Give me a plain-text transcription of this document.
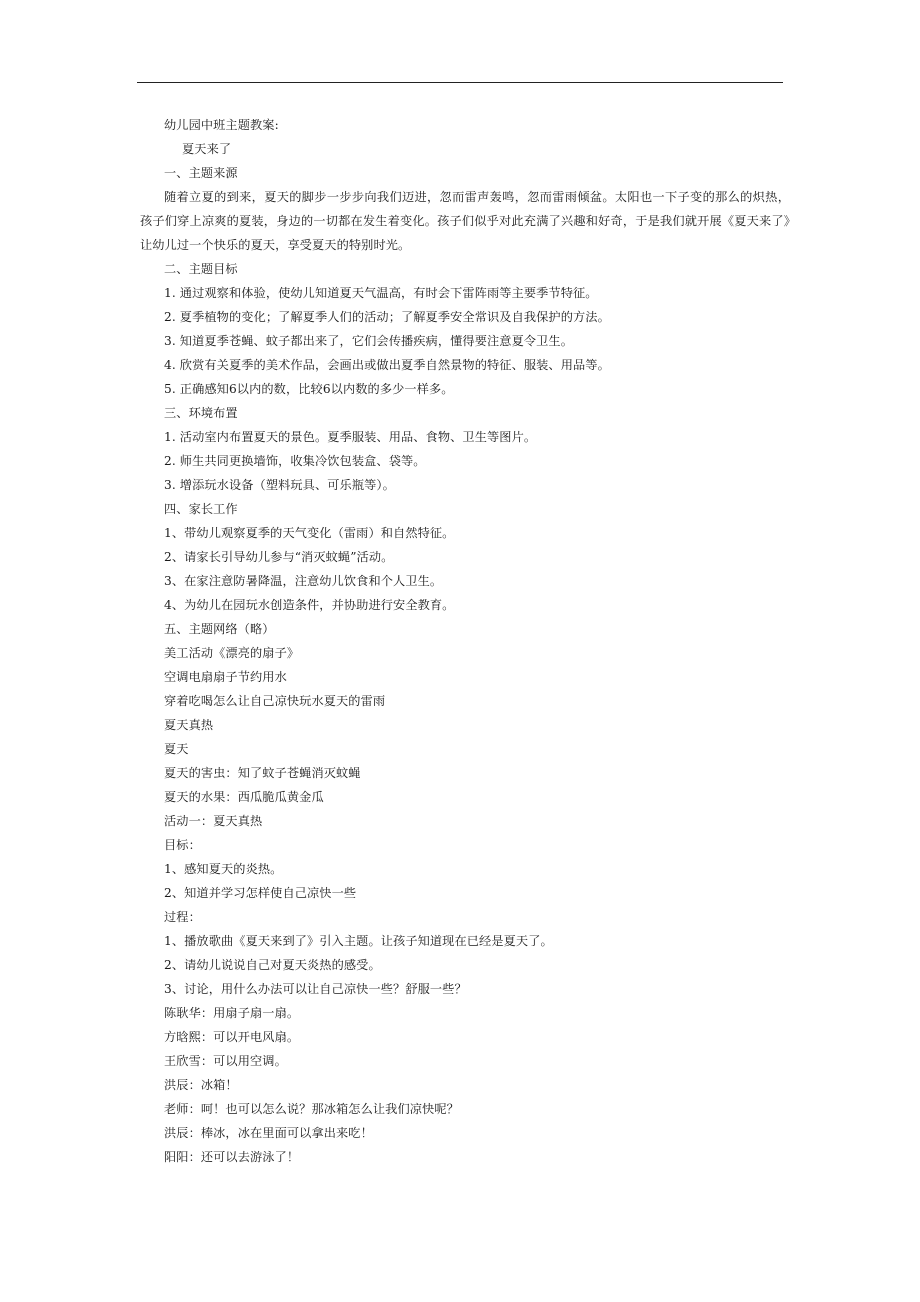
幼儿园中班主题教案:
夏天来了
一、主题来源
随着立夏的到来，夏天的脚步一步步向我们迈进，忽而雷声轰鸣，忽而雷雨倾盆。太阳也一下子变的那么的炽热，孩子们穿上凉爽的夏装，身边的一切都在发生着变化。孩子们似乎对此充满了兴趣和好奇，于是我们就开展《夏天来了》让幼儿过一个快乐的夏天，享受夏天的特别时光。
二、主题目标
1. 通过观察和体验，使幼儿知道夏天气温高，有时会下雷阵雨等主要季节特征。
2. 夏季植物的变化；了解夏季人们的活动；了解夏季安全常识及自我保护的方法。
3. 知道夏季苍蝇、蚊子都出来了，它们会传播疾病，懂得要注意夏令卫生。
4. 欣赏有关夏季的美术作品，会画出或做出夏季自然景物的特征、服装、用品等。
5. 正确感知6以内的数，比较6以内数的多少一样多。
三、环境布置
1. 活动室内布置夏天的景色。夏季服装、用品、食物、卫生等图片。
2. 师生共同更换墙饰，收集冷饮包装盒、袋等。
3. 增添玩水设备（塑料玩具、可乐瓶等）。
四、家长工作
1、带幼儿观察夏季的天气变化（雷雨）和自然特征。
2、请家长引导幼儿参与“消灭蚊蝇”活动。
3、在家注意防暑降温，注意幼儿饮食和个人卫生。
4、为幼儿在园玩水创造条件，并协助进行安全教育。
五、主题网络（略）
美工活动《漂亮的扇子》
空调电扇扇子节约用水
穿着吃喝怎么让自己凉快玩水夏天的雷雨
夏天真热
夏天
夏天的害虫：知了蚊子苍蝇消灭蚊蝇
夏天的水果：西瓜脆瓜黄金瓜
活动一：夏天真热
目标：
1、感知夏天的炎热。
2、知道并学习怎样使自己凉快一些
过程：
1、播放歌曲《夏天来到了》引入主题。让孩子知道现在已经是夏天了。
2、请幼儿说说自己对夏天炎热的感受。
3、讨论，用什么办法可以让自己凉快一些？舒服一些？
陈耿华：用扇子扇一扇。
方晗熙：可以开电风扇。
王欣雪：可以用空调。
洪辰：冰箱！
老师：呵！也可以怎么说？那冰箱怎么让我们凉快呢？
洪辰：棒冰，冰在里面可以拿出来吃！
阳阳：还可以去游泳了！
